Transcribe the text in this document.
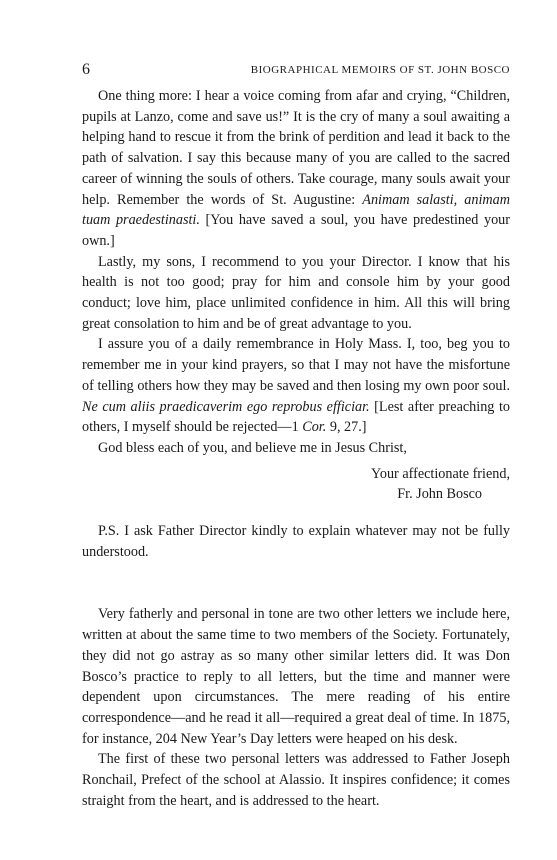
6	BIOGRAPHICAL MEMOIRS OF ST. JOHN BOSCO

One thing more: I hear a voice coming from afar and crying, “Children, pupils at Lanzo, come and save us!” It is the cry of many a soul awaiting a helping hand to rescue it from the brink of perdition and lead it back to the path of salvation. I say this because many of you are called to the sacred career of winning the souls of others. Take courage, many souls await your help. Remember the words of St. Augustine: Animam salasti, animam tuam praedestinasti. [You have saved a soul, you have predestined your own.]

Lastly, my sons, I recommend to you your Director. I know that his health is not too good; pray for him and console him by your good conduct; love him, place unlimited confidence in him. All this will bring great consolation to him and be of great advantage to you.

I assure you of a daily remembrance in Holy Mass. I, too, beg you to remember me in your kind prayers, so that I may not have the misfortune of telling others how they may be saved and then losing my own poor soul. Ne cum aliis praedicaverim ego reprobus efficiar. [Lest after preaching to others, I myself should be rejected—1 Cor. 9, 27.]

God bless each of you, and believe me in Jesus Christ,

Your affectionate friend,
Fr. John Bosco

P.S. I ask Father Director kindly to explain whatever may not be fully understood.

Very fatherly and personal in tone are two other letters we include here, written at about the same time to two members of the Society. Fortunately, they did not go astray as so many other similar letters did. It was Don Bosco’s practice to reply to all letters, but the time and manner were dependent upon circumstances. The mere reading of his entire correspondence—and he read it all—required a great deal of time. In 1875, for instance, 204 New Year’s Day letters were heaped on his desk.

The first of these two personal letters was addressed to Father Joseph Ronchail, Prefect of the school at Alassio. It inspires confidence; it comes straight from the heart, and is addressed to the heart.
